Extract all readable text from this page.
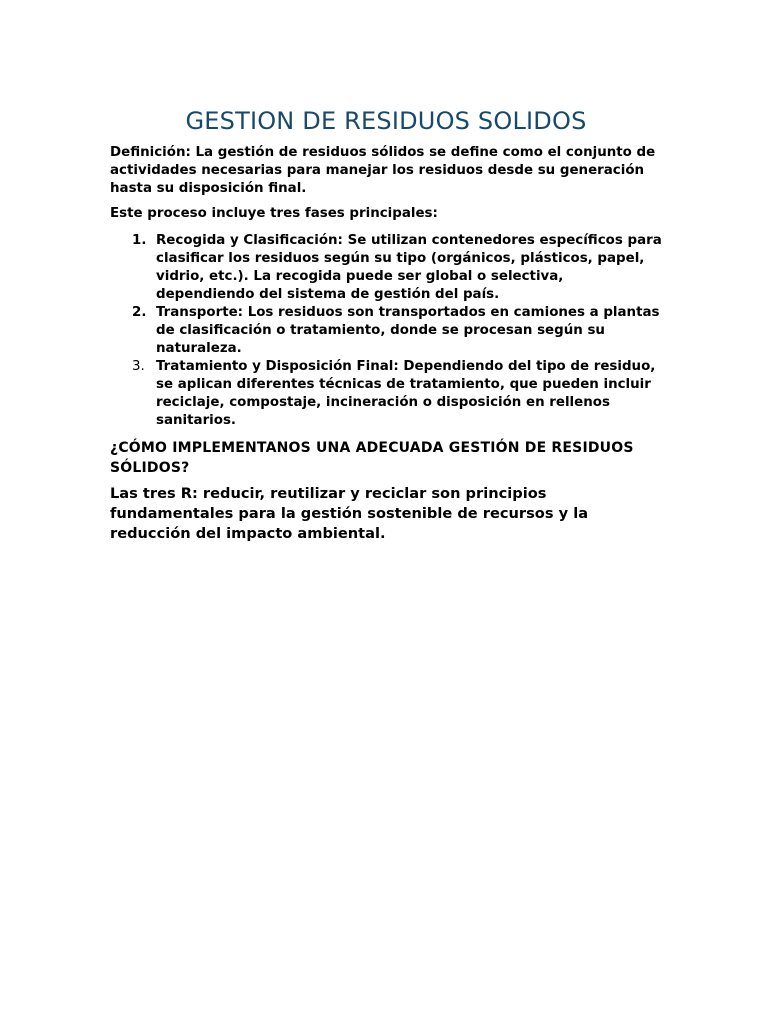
GESTION DE RESIDUOS SOLIDOS

Definición: La gestión de residuos sólidos se define como el conjunto de actividades necesarias para manejar los residuos desde su generación hasta su disposición final.

Este proceso incluye tres fases principales:

1. Recogida y Clasificación: Se utilizan contenedores específicos para clasificar los residuos según su tipo (orgánicos, plásticos, papel, vidrio, etc.). La recogida puede ser global o selectiva, dependiendo del sistema de gestión del país.
2. Transporte: Los residuos son transportados en camiones a plantas de clasificación o tratamiento, donde se procesan según su naturaleza.
3. Tratamiento y Disposición Final: Dependiendo del tipo de residuo, se aplican diferentes técnicas de tratamiento, que pueden incluir reciclaje, compostaje, incineración o disposición en rellenos sanitarios.
¿CÓMO IMPLEMENTANOS UNA ADECUADA GESTIÓN DE RESIDUOS SÓLIDOS?

Las tres R: reducir, reutilizar y reciclar son principios fundamentales para la gestión sostenible de recursos y la reducción del impacto ambiental.
